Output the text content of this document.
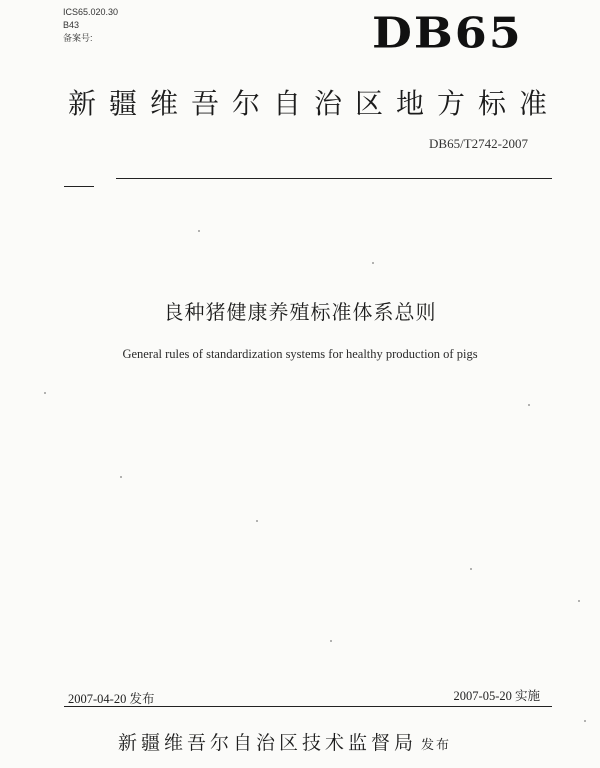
ICS65.020.30
B43
备案号:	DB65
新疆维吾尔自治区地方标准
DB65/T2742-2007
良种猪健康养殖标准体系总则
General rules of standardization systems for healthy production of pigs
2007-04-20 发布	2007-05-20 实施
新疆维吾尔自治区技术监督局 发布
